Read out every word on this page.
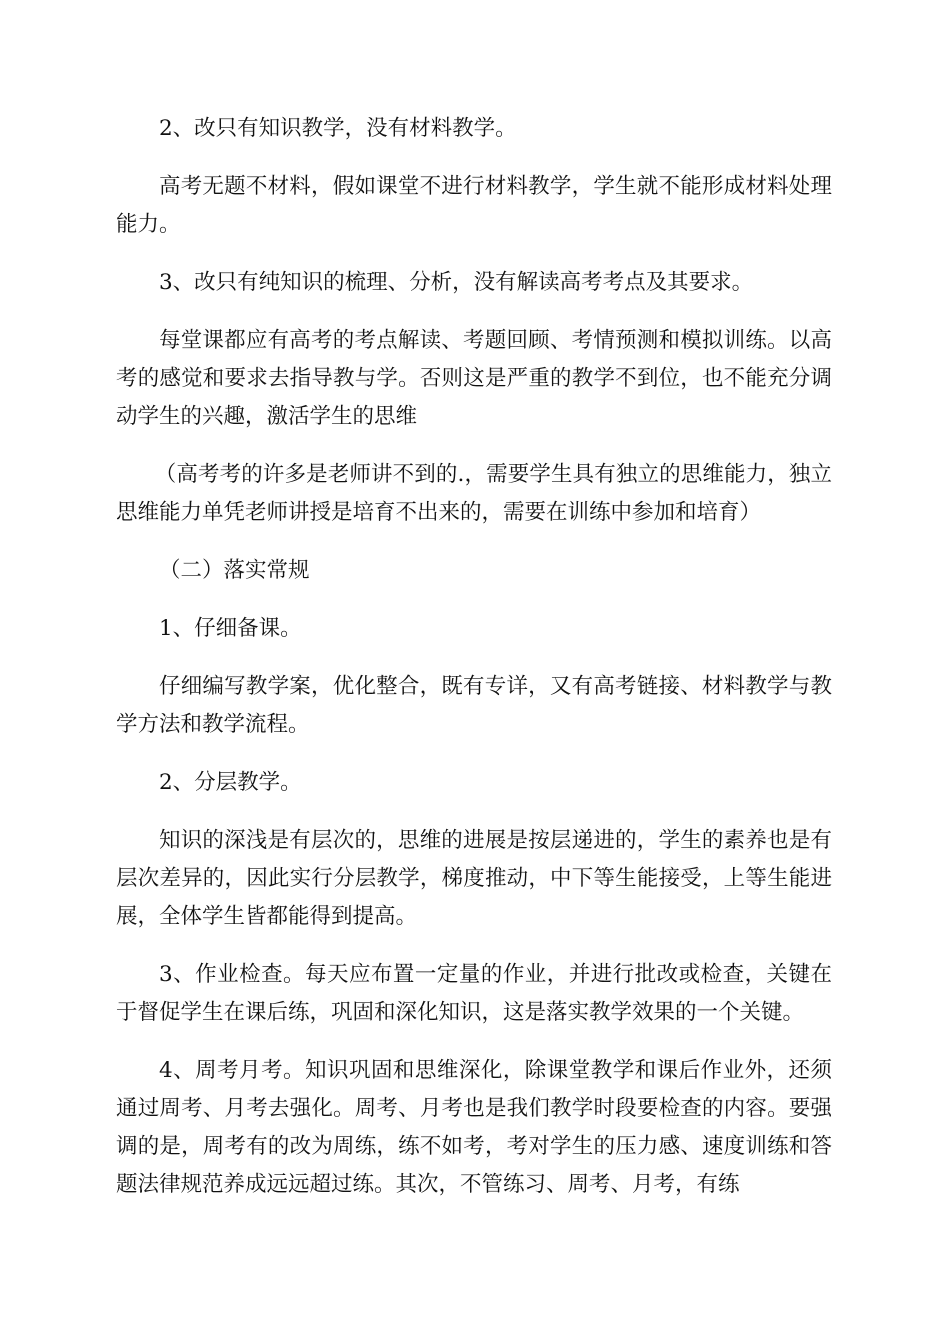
2、改只有知识教学，没有材料教学。

高考无题不材料，假如课堂不进行材料教学，学生就不能形成材料处理能力。

3、改只有纯知识的梳理、分析，没有解读高考考点及其要求。

每堂课都应有高考的考点解读、考题回顾、考情预测和模拟训练。以高考的感觉和要求去指导教与学。否则这是严重的教学不到位，也不能充分调动学生的兴趣，激活学生的思维

（高考考的许多是老师讲不到的.，需要学生具有独立的思维能力，独立思维能力单凭老师讲授是培育不出来的，需要在训练中参加和培育）

（二）落实常规

1、仔细备课。

仔细编写教学案，优化整合，既有专详，又有高考链接、材料教学与教学方法和教学流程。

2、分层教学。

知识的深浅是有层次的，思维的进展是按层递进的，学生的素养也是有层次差异的，因此实行分层教学，梯度推动，中下等生能接受，上等生能进展，全体学生皆都能得到提高。

3、作业检查。每天应布置一定量的作业，并进行批改或检查，关键在于督促学生在课后练，巩固和深化知识，这是落实教学效果的一个关键。

4、周考月考。知识巩固和思维深化，除课堂教学和课后作业外，还须通过周考、月考去强化。周考、月考也是我们教学时段要检查的内容。要强调的是，周考有的改为周练，练不如考，考对学生的压力感、速度训练和答题法律规范养成远远超过练。其次，不管练习、周考、月考，有练
